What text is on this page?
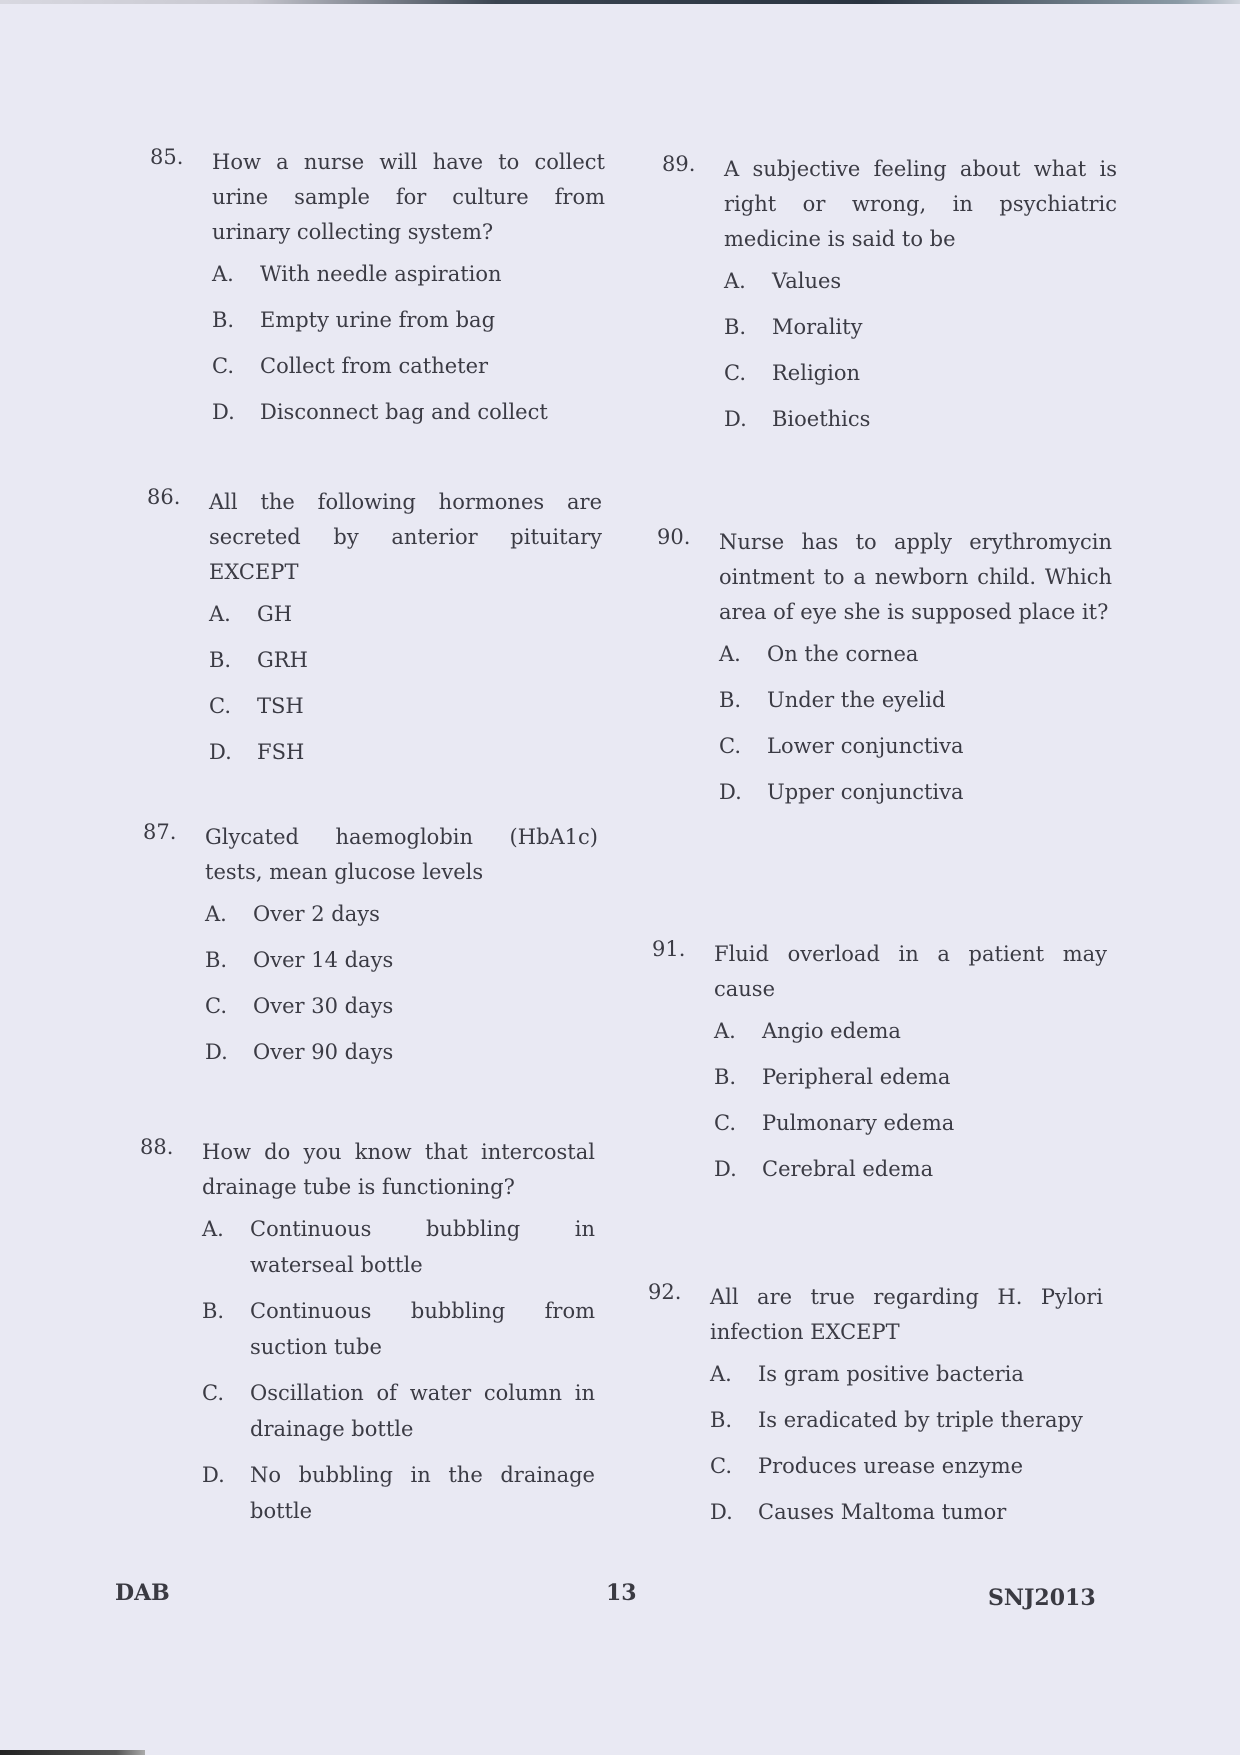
85. How a nurse will have to collect urine sample for culture from urinary collecting system?

A. With needle aspiration
B. Empty urine from bag
C. Collect from catheter
D. Disconnect bag and collect
86. All the following hormones are secreted by anterior pituitary EXCEPT

A. GH
B. GRH
C. TSH
D. FSH
87. Glycated haemoglobin (HbA1c) tests, mean glucose levels

A. Over 2 days
B. Over 14 days
C. Over 30 days
D. Over 90 days
88. How do you know that intercostal drainage tube is functioning?

A. Continuous bubbling in waterseal bottle
B. Continuous bubbling from suction tube
C. Oscillation of water column in drainage bottle
D. No bubbling in the drainage bottle
89. A subjective feeling about what is right or wrong, in psychiatric medicine is said to be

A. Values
B. Morality
C. Religion
D. Bioethics
90. Nurse has to apply erythromycin ointment to a newborn child. Which area of eye she is supposed place it?

A. On the cornea
B. Under the eyelid
C. Lower conjunctiva
D. Upper conjunctiva
91. Fluid overload in a patient may cause

A. Angio edema
B. Peripheral edema
C. Pulmonary edema
D. Cerebral edema
92. All are true regarding H. Pylori infection EXCEPT

A. Is gram positive bacteria
B. Is eradicated by triple therapy
C. Produces urease enzyme
D. Causes Maltoma tumor
DAB	13	SNJ2013
